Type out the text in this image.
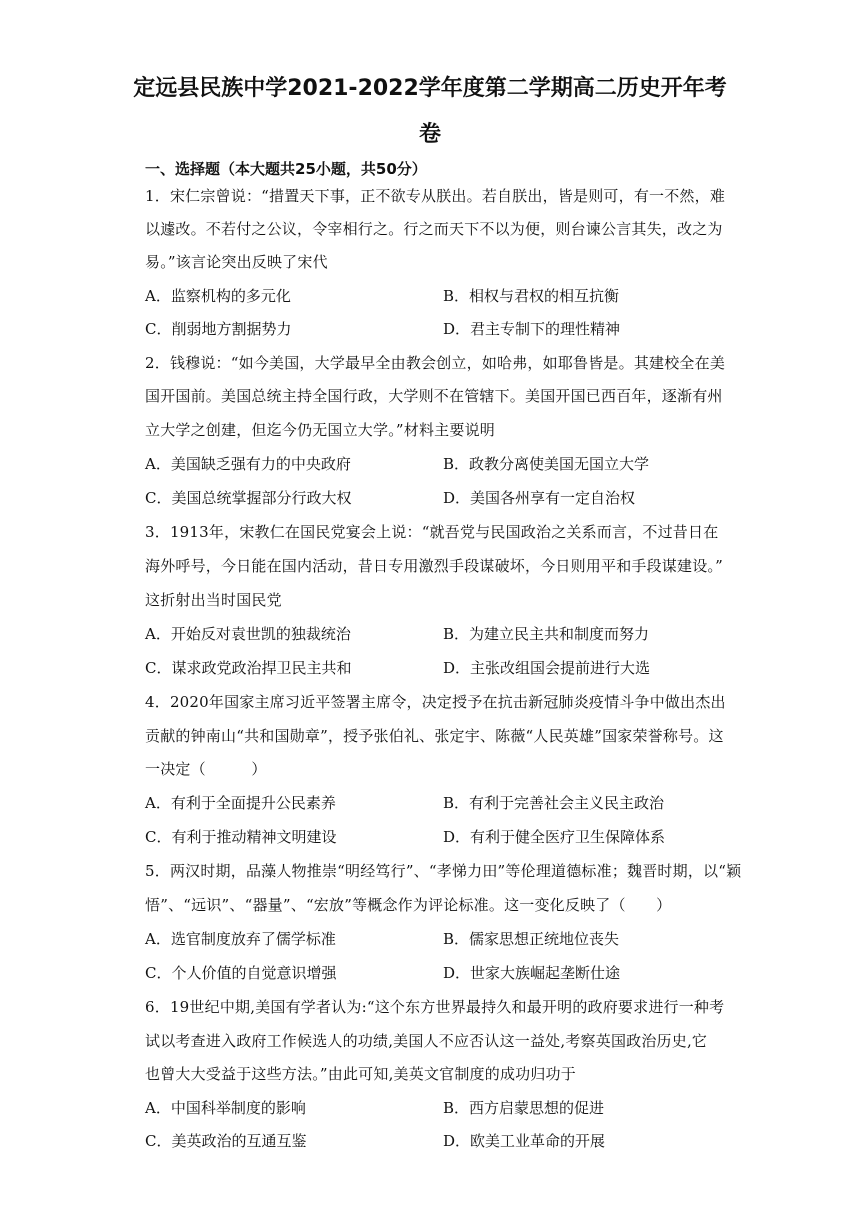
定远县民族中学2021-2022学年度第二学期高二历史开年考
卷
一、选择题（本大题共25小题，共50分）
1．宋仁宗曾说：“措置天下事，正不欲专从朕出。若自朕出，皆是则可，有一不然，难
以遽改。不若付之公议，令宰相行之。行之而天下不以为便，则台谏公言其失，改之为
易。”该言论突出反映了宋代
A．监察机构的多元化	B．相权与君权的相互抗衡
C．削弱地方割据势力	D．君主专制下的理性精神
2．钱穆说：“如今美国，大学最早全由教会创立，如哈弗，如耶鲁皆是。其建校全在美
国开国前。美国总统主持全国行政，大学则不在管辖下。美国开国已西百年，逐渐有州
立大学之创建，但迄今仍无国立大学。”材料主要说明
A．美国缺乏强有力的中央政府	B．政教分离使美国无国立大学
C．美国总统掌握部分行政大权	D．美国各州享有一定自治权
3．1913年，宋教仁在国民党宴会上说：“就吾党与民国政治之关系而言，不过昔日在
海外呼号，今日能在国内活动，昔日专用激烈手段谋破坏，今日则用平和手段谋建设。”
这折射出当时国民党
A．开始反对袁世凯的独裁统治	B．为建立民主共和制度而努力
C．谋求政党政治捍卫民主共和	D．主张改组国会提前进行大选
4．2020年国家主席习近平签署主席令，决定授予在抗击新冠肺炎疫情斗争中做出杰出
贡献的钟南山“共和国勋章”，授予张伯礼、张定宇、陈薇“人民英雄”国家荣誉称号。这
一决定（　　　）
A．有利于全面提升公民素养	B．有利于完善社会主义民主政治
C．有利于推动精神文明建设	D．有利于健全医疗卫生保障体系
5．两汉时期，品藻人物推崇“明经笃行”、“孝悌力田”等伦理道德标准；魏晋时期，以“颖
悟”、“远识”、“器量”、“宏放”等概念作为评论标准。这一变化反映了（　　）
A．选官制度放弃了儒学标准	B．儒家思想正统地位丧失
C．个人价值的自觉意识增强	D．世家大族崛起垄断仕途
6．19世纪中期,美国有学者认为:“这个东方世界最持久和最开明的政府要求进行一种考
试以考查进入政府工作候选人的功绩,美国人不应否认这一益处,考察英国政治历史,它
也曾大大受益于这些方法。”由此可知,美英文官制度的成功归功于
A．中国科举制度的影响	B．西方启蒙思想的促进
C．美英政治的互通互鉴	D．欧美工业革命的开展
